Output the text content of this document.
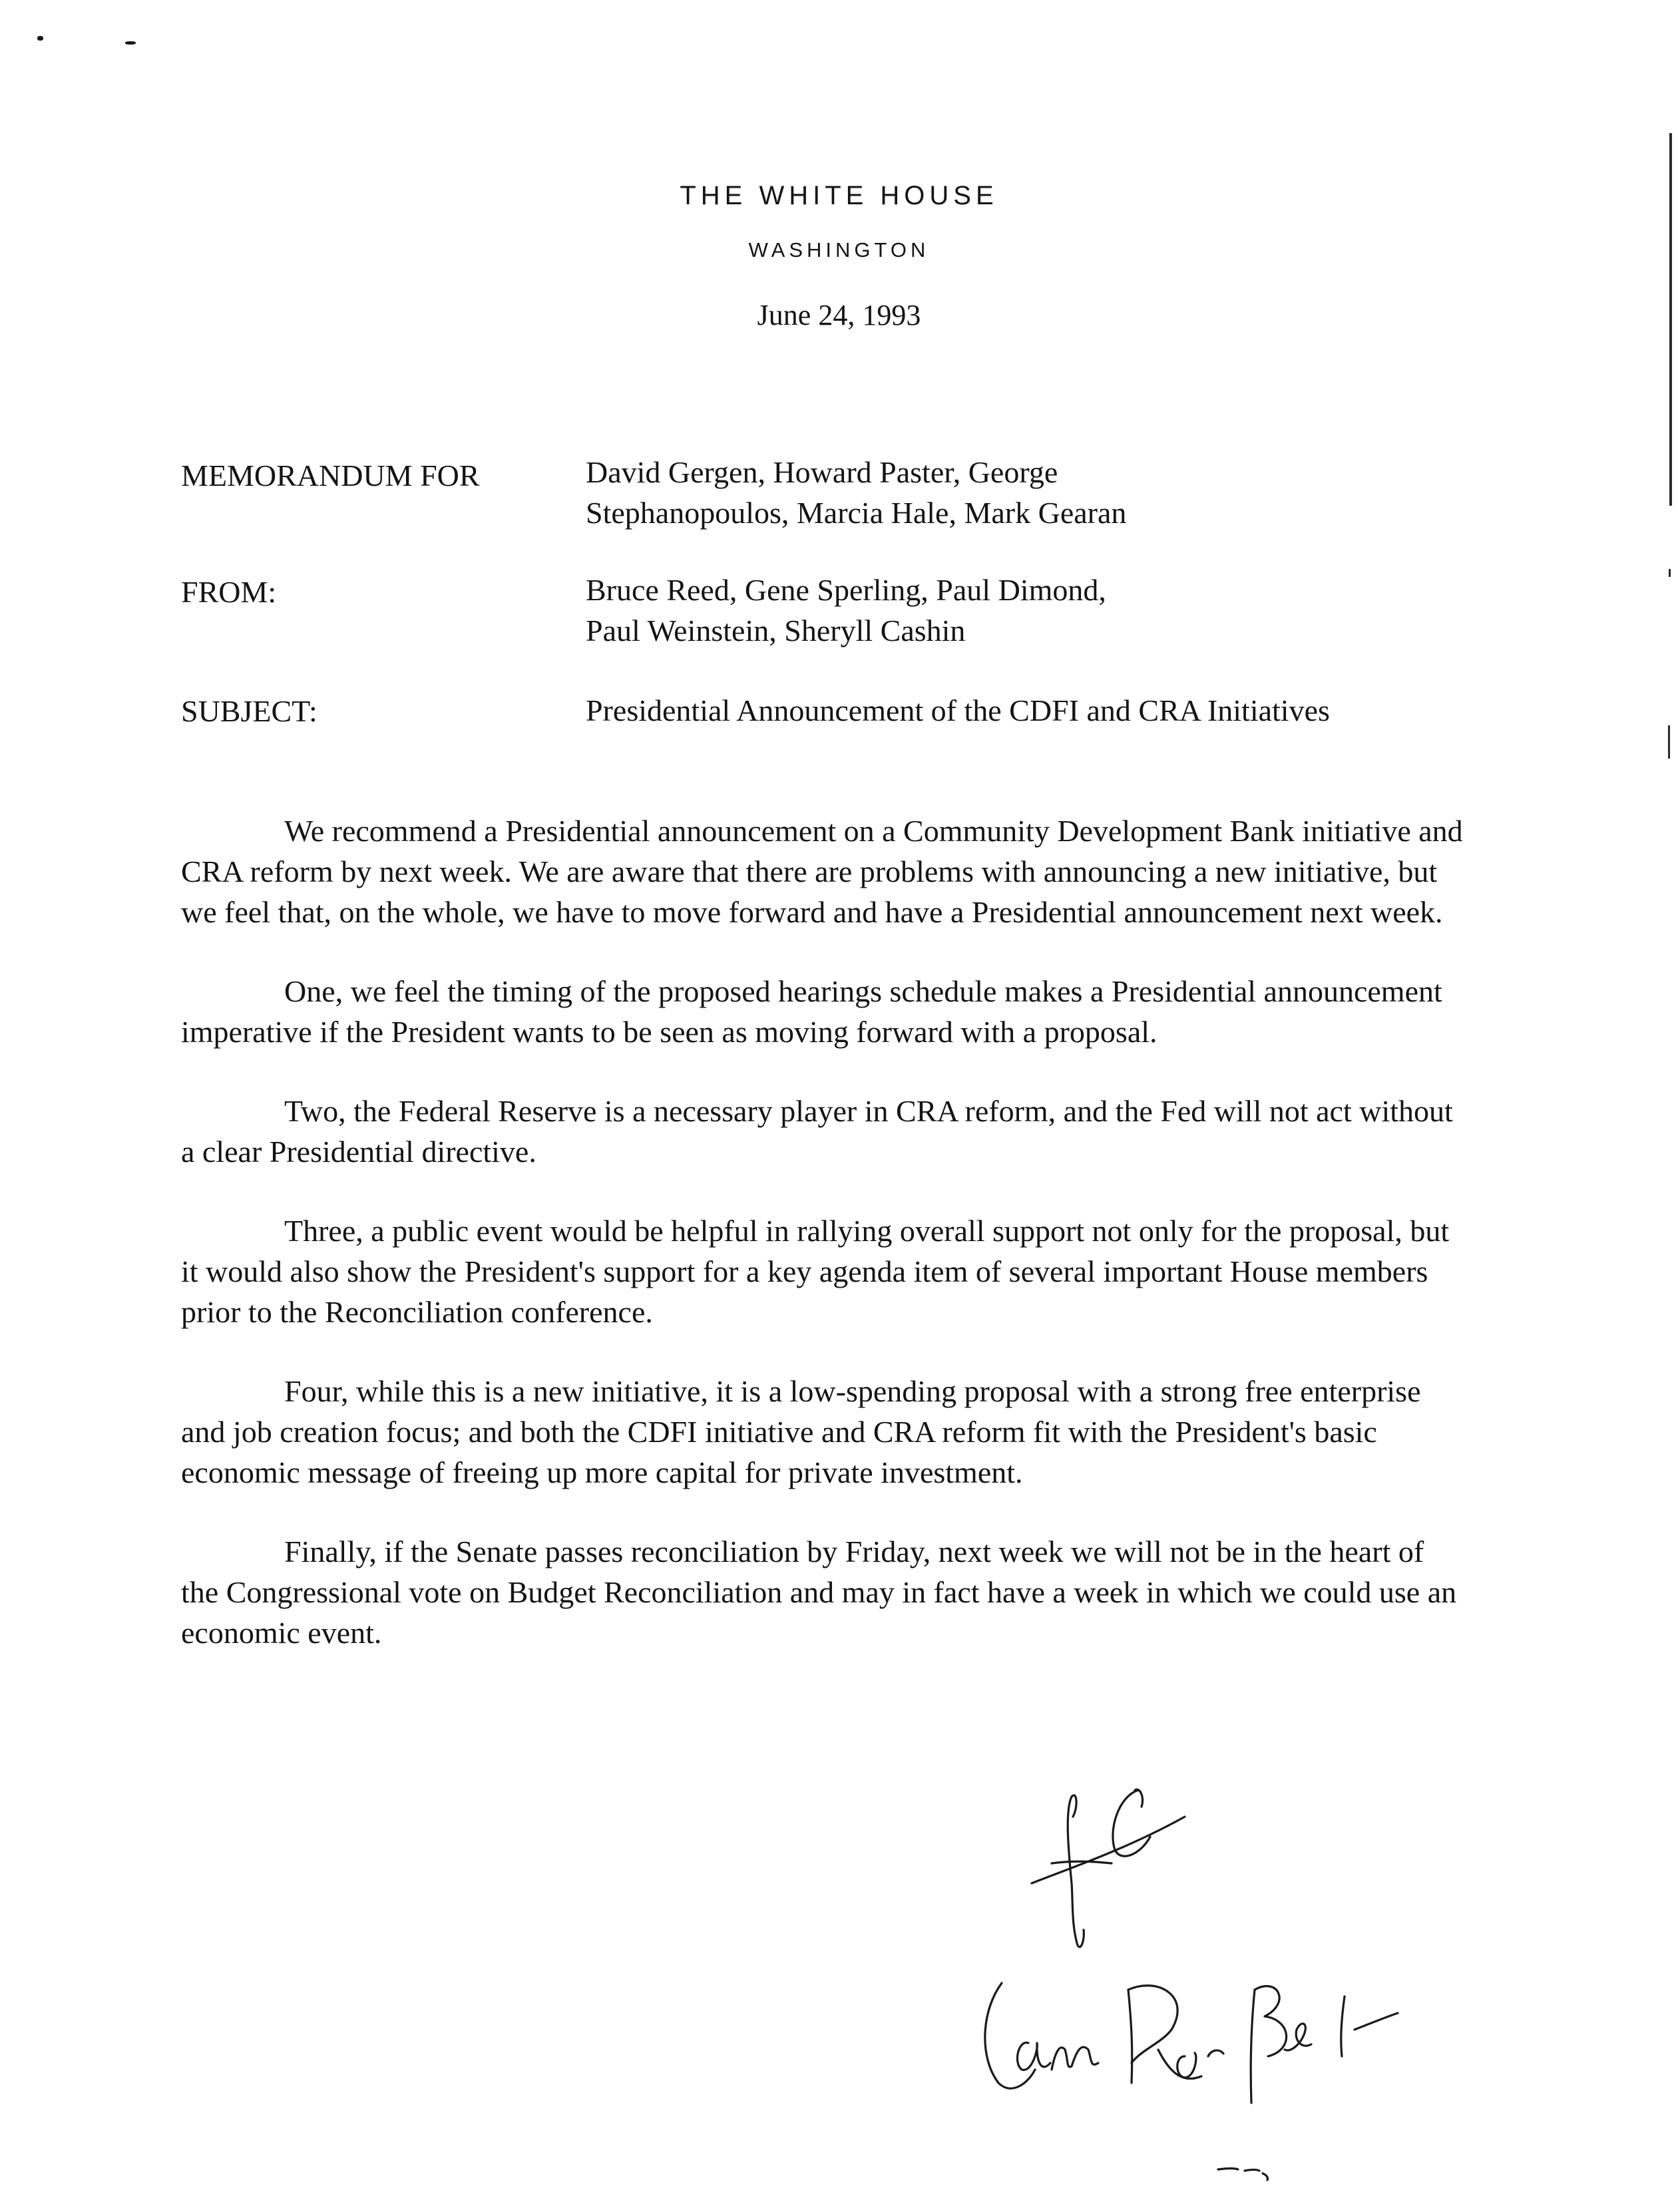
THE WHITE HOUSE
WASHINGTON
June 24, 1993
MEMORANDUM FOR	David Gergen, Howard Paster, George
Stephanopoulos, Marcia Hale, Mark Gearan
FROM:	Bruce Reed, Gene Sperling, Paul Dimond,
Paul Weinstein, Sheryll Cashin
SUBJECT:	Presidential Announcement of the CDFI and CRA Initiatives

We recommend a Presidential announcement on a Community Development Bank initiative and CRA reform by next week. We are aware that there are problems with announcing a new initiative, but we feel that, on the whole, we have to move forward and have a Presidential announcement next week.

One, we feel the timing of the proposed hearings schedule makes a Presidential announcement imperative if the President wants to be seen as moving forward with a proposal.

Two, the Federal Reserve is a necessary player in CRA reform, and the Fed will not act without a clear Presidential directive.

Three, a public event would be helpful in rallying overall support not only for the proposal, but it would also show the President's support for a key agenda item of several important House members prior to the Reconciliation conference.

Four, while this is a new initiative, it is a low-spending proposal with a strong free enterprise and job creation focus; and both the CDFI initiative and CRA reform fit with the President's basic economic message of freeing up more capital for private investment.

Finally, if the Senate passes reconciliation by Friday, next week we will not be in the heart of the Congressional vote on Budget Reconciliation and may in fact have a week in which we could use an economic event.
